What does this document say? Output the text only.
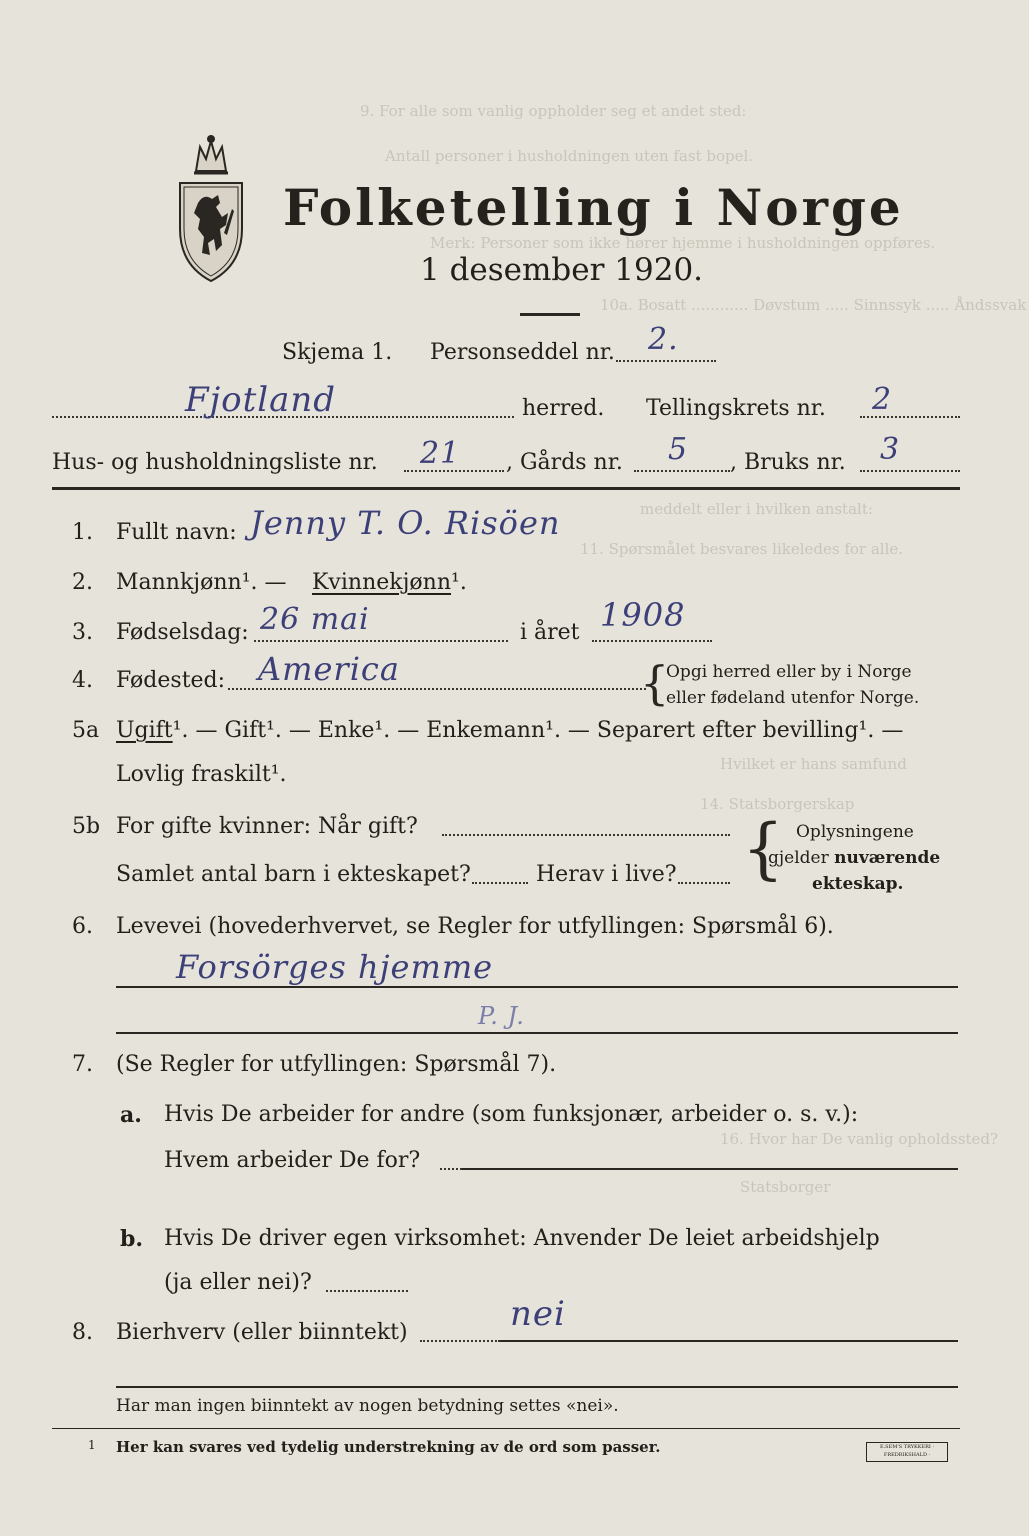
9. For alle som vanlig oppholder seg et andet sted:
Antall personer i husholdningen uten fast bopel.
Merk: Personer som ikke hører hjemme i husholdningen oppføres.
10a. Bosatt ............ Døvstum ..... Sinnssyk ..... Åndssvak
meddelt eller i hvilken anstalt:
11. Spørsmålet besvares likeledes for alle.
Hvilket er hans samfund
14. Statsborgerskap
16. Hvor har De vanlig opholdssted?
Statsborger
Folketelling i Norge
1 desember 1920.
Skjema 1. Personseddel nr. 2.
Fjotland	herred. Tellingskrets nr. 2
Hus- og husholdningsliste nr. 21 , Gårds nr. 5 , Bruks nr. 3
1. Fullt navn: Jenny T. O. Risöen
2. Mannkjønn¹. — Kvinnekjønn¹.
3. Fødselsdag: 26 mai	i året 1908
4. Fødested: America	{
Opgi herred eller by i Norge
eller fødeland utenfor Norge.
5a Ugift¹. — Gift¹. — Enke¹. — Enkemann¹. — Separert efter bevilling¹. —
Lovlig fraskilt¹.
5b For gifte kvinner: Når gift?
Samlet antal barn i ekteskapet?	Herav i live? { Oplysningene
gjelder nuværende
ekteskap.
6. Levevei (hovederhvervet, se Regler for utfyllingen: Spørsmål 6).
Forsörges hjemme
P. J.
7. (Se Regler for utfyllingen: Spørsmål 7).
a. Hvis De arbeider for andre (som funksjonær, arbeider o. s. v.):
Hvem arbeider De for?
b. Hvis De driver egen virksomhet: Anvender De leiet arbeidshjelp
(ja eller nei)?
8. Bierhverv (eller biinntekt)	nei
Har man ingen biinntekt av nogen betydning settes «nei».
1 Her kan svares ved tydelig understrekning av de ord som passer.	E.SEM'S TRYKKERI · FREDRIKSHALD ·
